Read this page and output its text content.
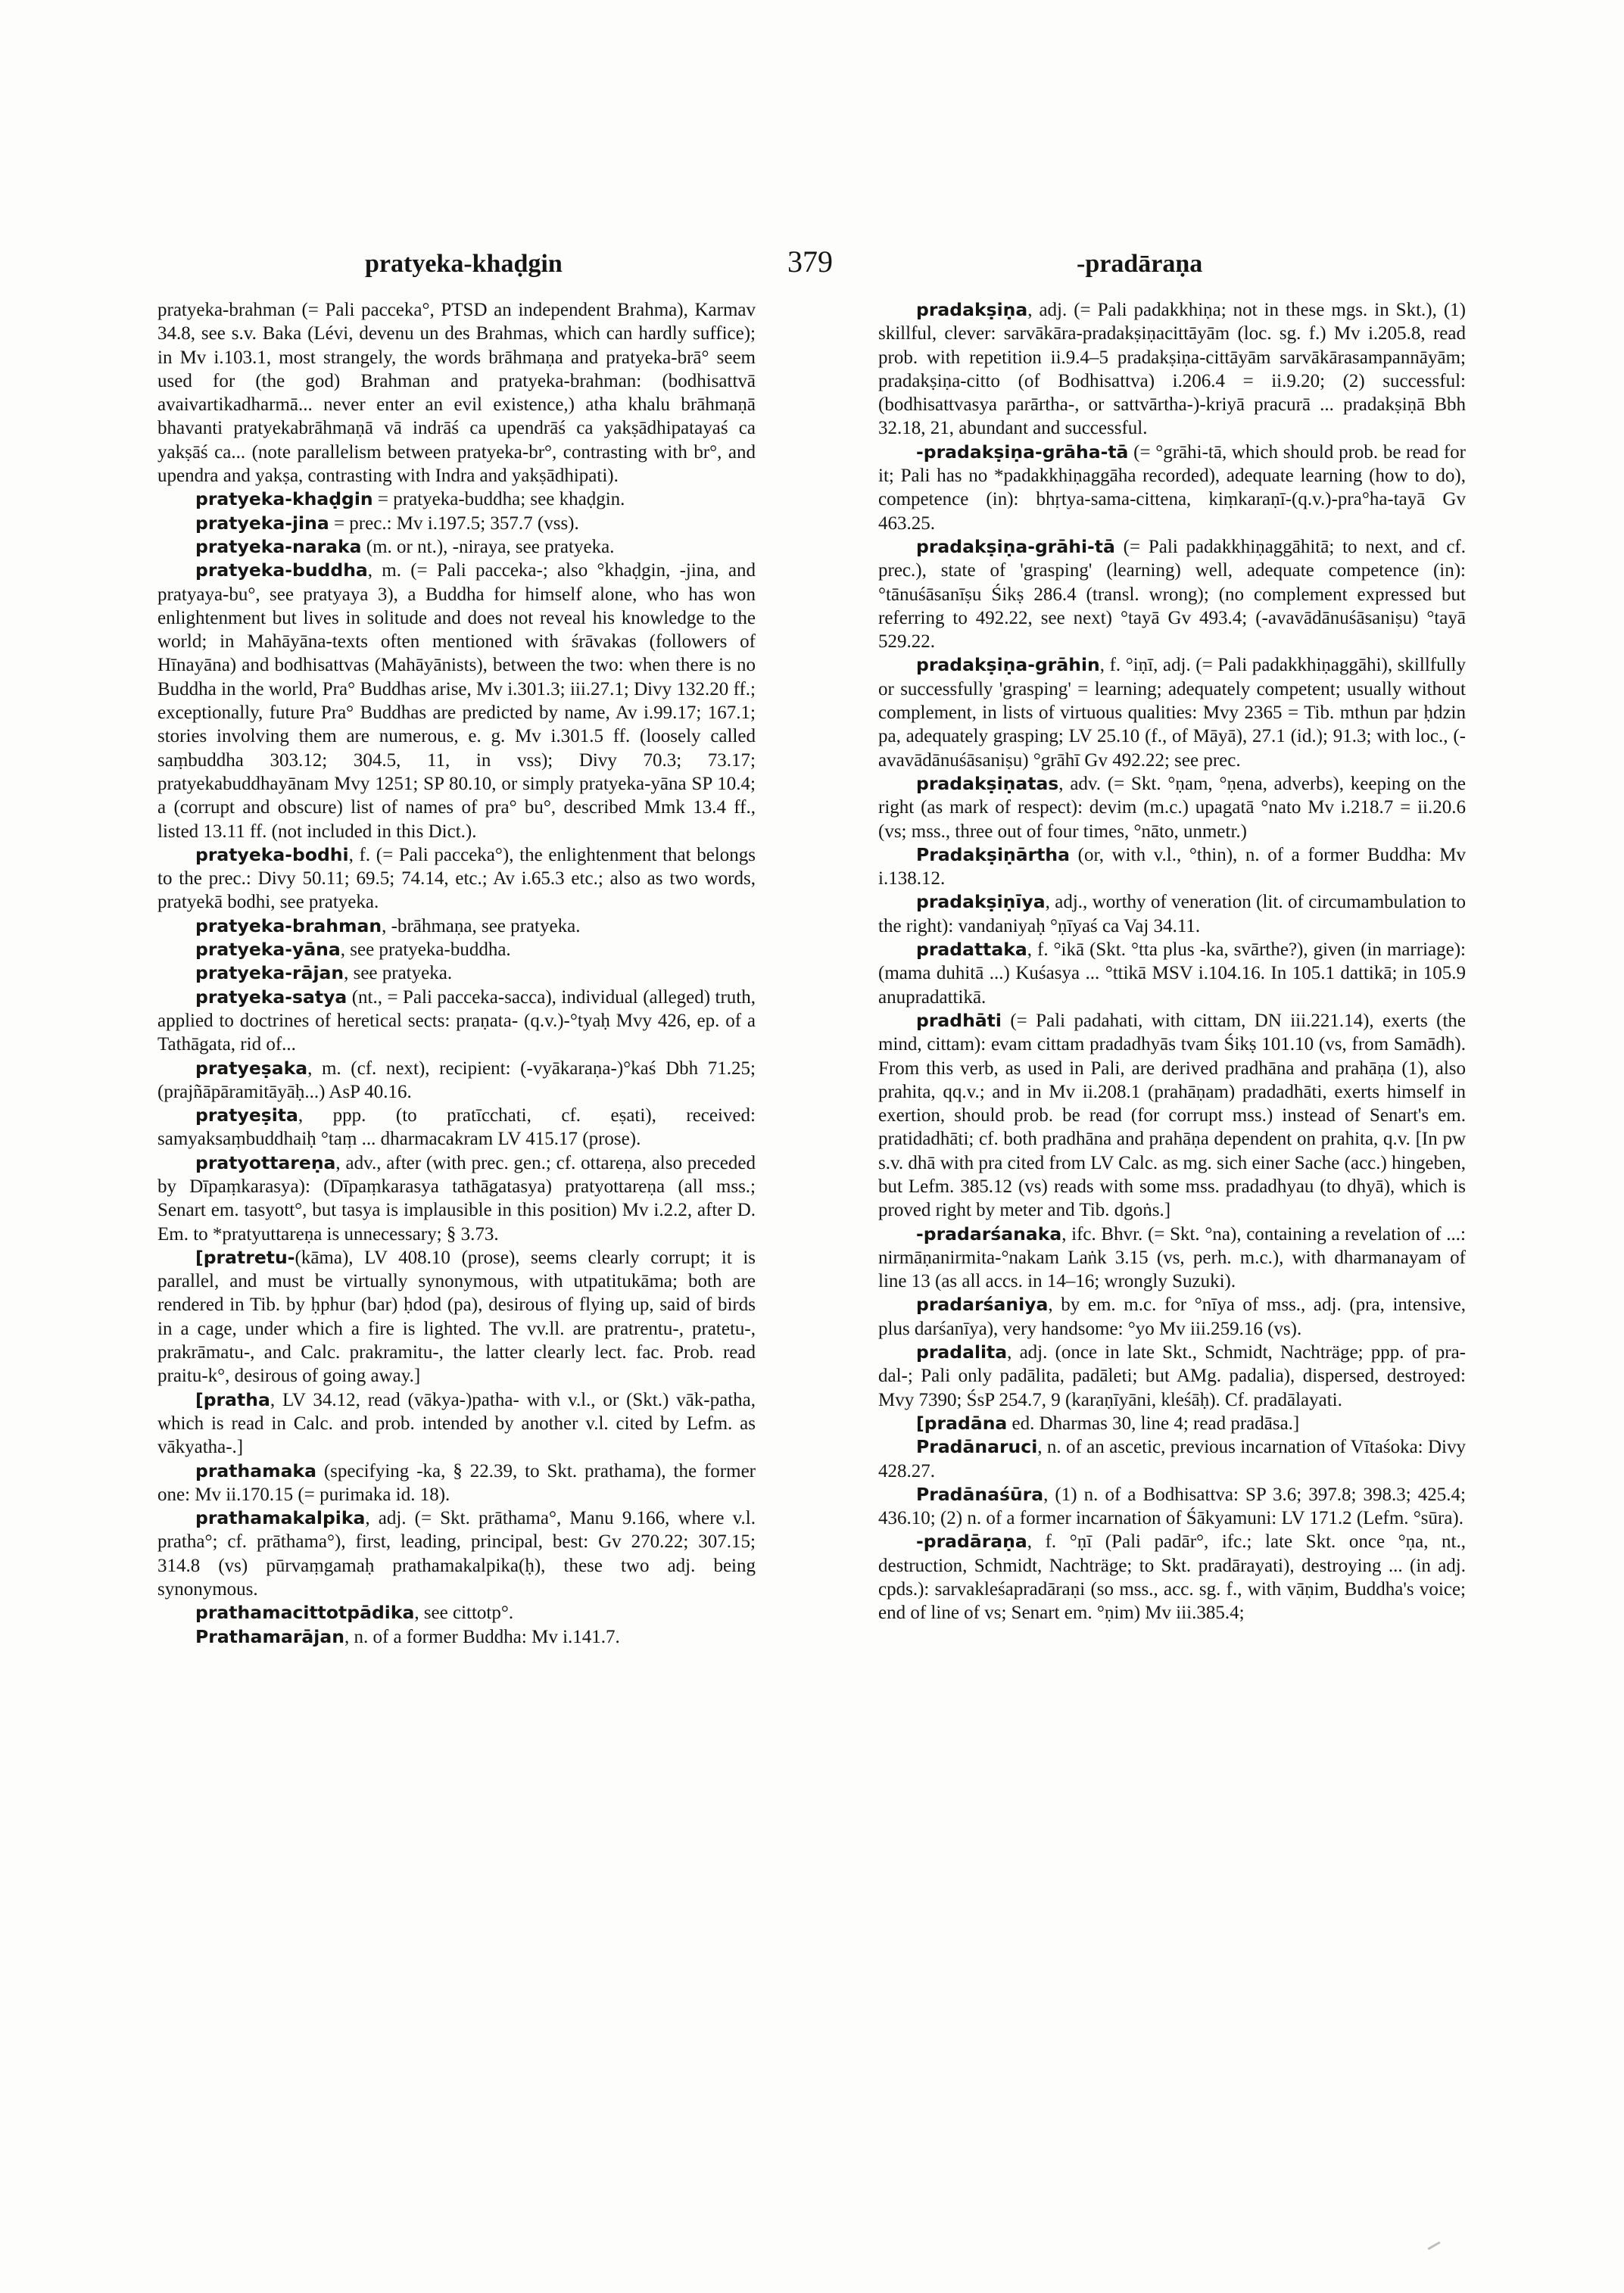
pratyeka-khaḍgin	379	-pradāraṇa

pratyeka-brahman (= Pali pacceka°, PTSD an independent Brahma), Karmav 34.8, see s.v. Baka (Lévi, devenu un des Brahmas, which can hardly suffice); in Mv i.103.1, most strangely, the words brāhmaṇa and pratyeka-brā° seem used for (the god) Brahman and pratyeka-brahman: (bodhisattvā avaivartikadharmā... never enter an evil existence,) atha khalu brāhmaṇā bhavanti pratyekabrāhmaṇā vā indrāś ca upendrāś ca yakṣādhipatayaś ca yakṣāś ca... (note parallelism between pratyeka-br°, contrasting with br°, and upendra and yakṣa, contrasting with Indra and yakṣādhipati).

pratyeka-khaḍgin = pratyeka-buddha; see khaḍgin.

pratyeka-jina = prec.: Mv i.197.5; 357.7 (vss).

pratyeka-naraka (m. or nt.), -niraya, see pratyeka.

pratyeka-buddha, m. (= Pali pacceka-; also °khaḍgin, -jina, and pratyaya-bu°, see pratyaya 3), a Buddha for himself alone, who has won enlightenment but lives in solitude and does not reveal his knowledge to the world; in Mahāyāna-texts often mentioned with śrāvakas (followers of Hīnayāna) and bodhisattvas (Mahāyānists), between the two: when there is no Buddha in the world, Pra° Buddhas arise, Mv i.301.3; iii.27.1; Divy 132.20 ff.; exceptionally, future Pra° Buddhas are predicted by name, Av i.99.17; 167.1; stories involving them are numerous, e. g. Mv i.301.5 ff. (loosely called saṃbuddha 303.12; 304.5, 11, in vss); Divy 70.3; 73.17; pratyekabuddhayānam Mvy 1251; SP 80.10, or simply pratyeka-yāna SP 10.4; a (corrupt and obscure) list of names of pra° bu°, described Mmk 13.4 ff., listed 13.11 ff. (not included in this Dict.).

pratyeka-bodhi, f. (= Pali pacceka°), the enlightenment that belongs to the prec.: Divy 50.11; 69.5; 74.14, etc.; Av i.65.3 etc.; also as two words, pratyekā bodhi, see pratyeka.

pratyeka-brahman, -brāhmaṇa, see pratyeka.

pratyeka-yāna, see pratyeka-buddha.

pratyeka-rājan, see pratyeka.

pratyeka-satya (nt., = Pali pacceka-sacca), individual (alleged) truth, applied to doctrines of heretical sects: praṇata- (q.v.)-°tyaḥ Mvy 426, ep. of a Tathāgata, rid of...

pratyeṣaka, m. (cf. next), recipient: (-vyākaraṇa-)°kaś Dbh 71.25; (prajñāpāramitāyāḥ...) AsP 40.16.

pratyeṣita, ppp. (to pratīcchati, cf. eṣati), received: samyaksaṃbuddhaiḥ °taṃ ... dharmacakram LV 415.17 (prose).

pratyottareṇa, adv., after (with prec. gen.; cf. ottareṇa, also preceded by Dīpaṃkarasya): (Dīpaṃkarasya tathāgatasya) pratyottareṇa (all mss.; Senart em. tasyott°, but tasya is implausible in this position) Mv i.2.2, after D. Em. to *pratyuttareṇa is unnecessary; § 3.73.

[pratretu-(kāma), LV 408.10 (prose), seems clearly corrupt; it is parallel, and must be virtually synonymous, with utpatitukāma; both are rendered in Tib. by ḥphur (bar) ḥdod (pa), desirous of flying up, said of birds in a cage, under which a fire is lighted. The vv.ll. are pratrentu-, pratetu-, prakrāmatu-, and Calc. prakramitu-, the latter clearly lect. fac. Prob. read praitu-k°, desirous of going away.]

[pratha, LV 34.12, read (vākya-)patha- with v.l., or (Skt.) vāk-patha, which is read in Calc. and prob. intended by another v.l. cited by Lefm. as vākyatha-.]

prathamaka (specifying -ka, § 22.39, to Skt. prathama), the former one: Mv ii.170.15 (= purimaka id. 18).

prathamakalpika, adj. (= Skt. prāthama°, Manu 9.166, where v.l. pratha°; cf. prāthama°), first, leading, principal, best: Gv 270.22; 307.15; 314.8 (vs) pūrvaṃgamaḥ prathamakalpika(ḥ), these two adj. being synonymous.

prathamacittotpādika, see cittotp°.

Prathamarājan, n. of a former Buddha: Mv i.141.7.

pradakṣiṇa, adj. (= Pali padakkhiṇa; not in these mgs. in Skt.), (1) skillful, clever: sarvākāra-pradakṣiṇacittāyām (loc. sg. f.) Mv i.205.8, read prob. with repetition ii.9.4–5 pradakṣiṇa-cittāyām sarvākārasampannāyām; pradakṣiṇa-citto (of Bodhisattva) i.206.4 = ii.9.20; (2) successful: (bodhisattvasya parārtha-, or sattvārtha-)-kriyā pracurā ... pradakṣiṇā Bbh 32.18, 21, abundant and successful.

-pradakṣiṇa-grāha-tā (= °grāhi-tā, which should prob. be read for it; Pali has no *padakkhiṇaggāha recorded), adequate learning (how to do), competence (in): bhṛtya-sama-cittena, kiṃkaraṇī-(q.v.)-pra°ha-tayā Gv 463.25.

pradakṣiṇa-grāhi-tā (= Pali padakkhiṇaggāhitā; to next, and cf. prec.), state of 'grasping' (learning) well, adequate competence (in): °tānuśāsanīṣu Śikṣ 286.4 (transl. wrong); (no complement expressed but referring to 492.22, see next) °tayā Gv 493.4; (-avavādānuśāsaniṣu) °tayā 529.22.

pradakṣiṇa-grāhin, f. °iṇī, adj. (= Pali padakkhiṇaggāhi), skillfully or successfully 'grasping' = learning; adequately competent; usually without complement, in lists of virtuous qualities: Mvy 2365 = Tib. mthun par ḥdzin pa, adequately grasping; LV 25.10 (f., of Māyā), 27.1 (id.); 91.3; with loc., (-avavādānuśāsaniṣu) °grāhī Gv 492.22; see prec.

pradakṣiṇatas, adv. (= Skt. °ṇam, °ṇena, adverbs), keeping on the right (as mark of respect): devim (m.c.) upagatā °nato Mv i.218.7 = ii.20.6 (vs; mss., three out of four times, °nāto, unmetr.)

Pradakṣiṇārtha (or, with v.l., °thin), n. of a former Buddha: Mv i.138.12.

pradakṣiṇīya, adj., worthy of veneration (lit. of circumambulation to the right): vandaniyaḥ °ṇīyaś ca Vaj 34.11.

pradattaka, f. °ikā (Skt. °tta plus -ka, svārthe?), given (in marriage): (mama duhitā ...) Kuśasya ... °ttikā MSV i.104.16. In 105.1 dattikā; in 105.9 anupradattikā.

pradhāti (= Pali padahati, with cittam, DN iii.221.14), exerts (the mind, cittam): evam cittam pradadhyās tvam Śikṣ 101.10 (vs, from Samādh). From this verb, as used in Pali, are derived pradhāna and prahāṇa (1), also prahita, qq.v.; and in Mv ii.208.1 (prahāṇam) pradadhāti, exerts himself in exertion, should prob. be read (for corrupt mss.) instead of Senart's em. pratidadhāti; cf. both pradhāna and prahāṇa dependent on prahita, q.v. [In pw s.v. dhā with pra cited from LV Calc. as mg. sich einer Sache (acc.) hingeben, but Lefm. 385.12 (vs) reads with some mss. pradadhyau (to dhyā), which is proved right by meter and Tib. dgoṅs.]

-pradarśanaka, ifc. Bhvr. (= Skt. °na), containing a revelation of ...: nirmāṇanirmita-°nakam Laṅk 3.15 (vs, perh. m.c.), with dharmanayam of line 13 (as all accs. in 14–16; wrongly Suzuki).

pradarśaniya, by em. m.c. for °nīya of mss., adj. (pra, intensive, plus darśanīya), very handsome: °yo Mv iii.259.16 (vs).

pradalita, adj. (once in late Skt., Schmidt, Nachträge; ppp. of pra-dal-; Pali only padālita, padāleti; but AMg. padalia), dispersed, destroyed: Mvy 7390; ŚsP 254.7, 9 (karaṇīyāni, kleśāḥ). Cf. pradālayati.

[pradāna ed. Dharmas 30, line 4; read pradāsa.]

Pradānaruci, n. of an ascetic, previous incarnation of Vītaśoka: Divy 428.27.

Pradānaśūra, (1) n. of a Bodhisattva: SP 3.6; 397.8; 398.3; 425.4; 436.10; (2) n. of a former incarnation of Śākyamuni: LV 171.2 (Lefm. °sūra).

-pradāraṇa, f. °ṇī (Pali padār°, ifc.; late Skt. once °ṇa, nt., destruction, Schmidt, Nachträge; to Skt. pradārayati), destroying ... (in adj. cpds.): sarvakleśapradāraṇi (so mss., acc. sg. f., with vāṇim, Buddha's voice; end of line of vs; Senart em. °ṇim) Mv iii.385.4;
